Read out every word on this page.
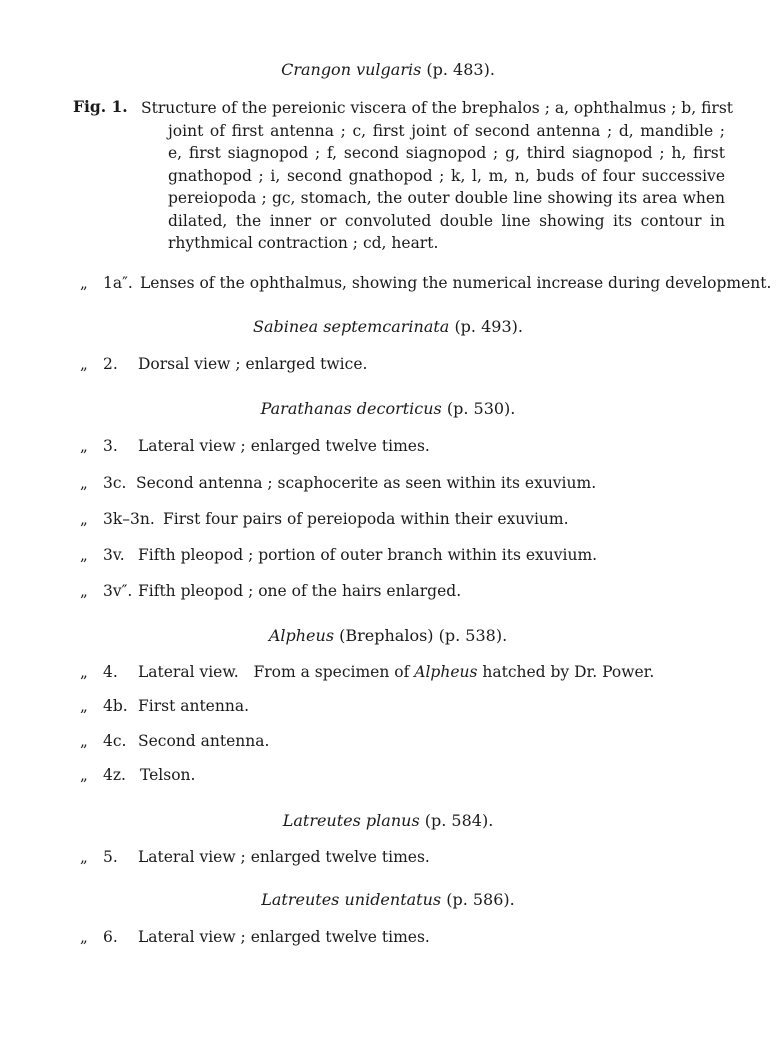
Crangon vulgaris (p. 483).
Fig. 1. Structure of the pereionic viscera of the brephalos ; a, ophthalmus ; b, first
joint of first antenna ; c, first joint of second antenna ; d, mandible ;
e, first siagnopod ; f, second siagnopod ; g, third siagnopod ; h, first
gnathopod ; i, second gnathopod ; k, l, m, n, buds of four successive
pereiopoda ; gc, stomach, the outer double line showing its area when
dilated, the inner or convoluted double line showing its contour in
rhythmical contraction ; cd, heart.
„ 1a″. Lenses of the ophthalmus, showing the numerical increase during development.
Sabinea septemcarinata (p. 493).
„ 2. Dorsal view ; enlarged twice.
Parathanas decorticus (p. 530).
„ 3. Lateral view ; enlarged twelve times.
„ 3c. Second antenna ; scaphocerite as seen within its exuvium.
„ 3k–3n. First four pairs of pereiopoda within their exuvium.
„ 3v. Fifth pleopod ; portion of outer branch within its exuvium.
„ 3v″. Fifth pleopod ; one of the hairs enlarged.
Alpheus (Brephalos) (p. 538).
„ 4. Lateral view.   From a specimen of Alpheus hatched by Dr. Power.
„ 4b. First antenna.
„ 4c. Second antenna.
„ 4z. Telson.
Latreutes planus (p. 584).
„ 5. Lateral view ; enlarged twelve times.
Latreutes unidentatus (p. 586).
„ 6. Lateral view ; enlarged twelve times.
